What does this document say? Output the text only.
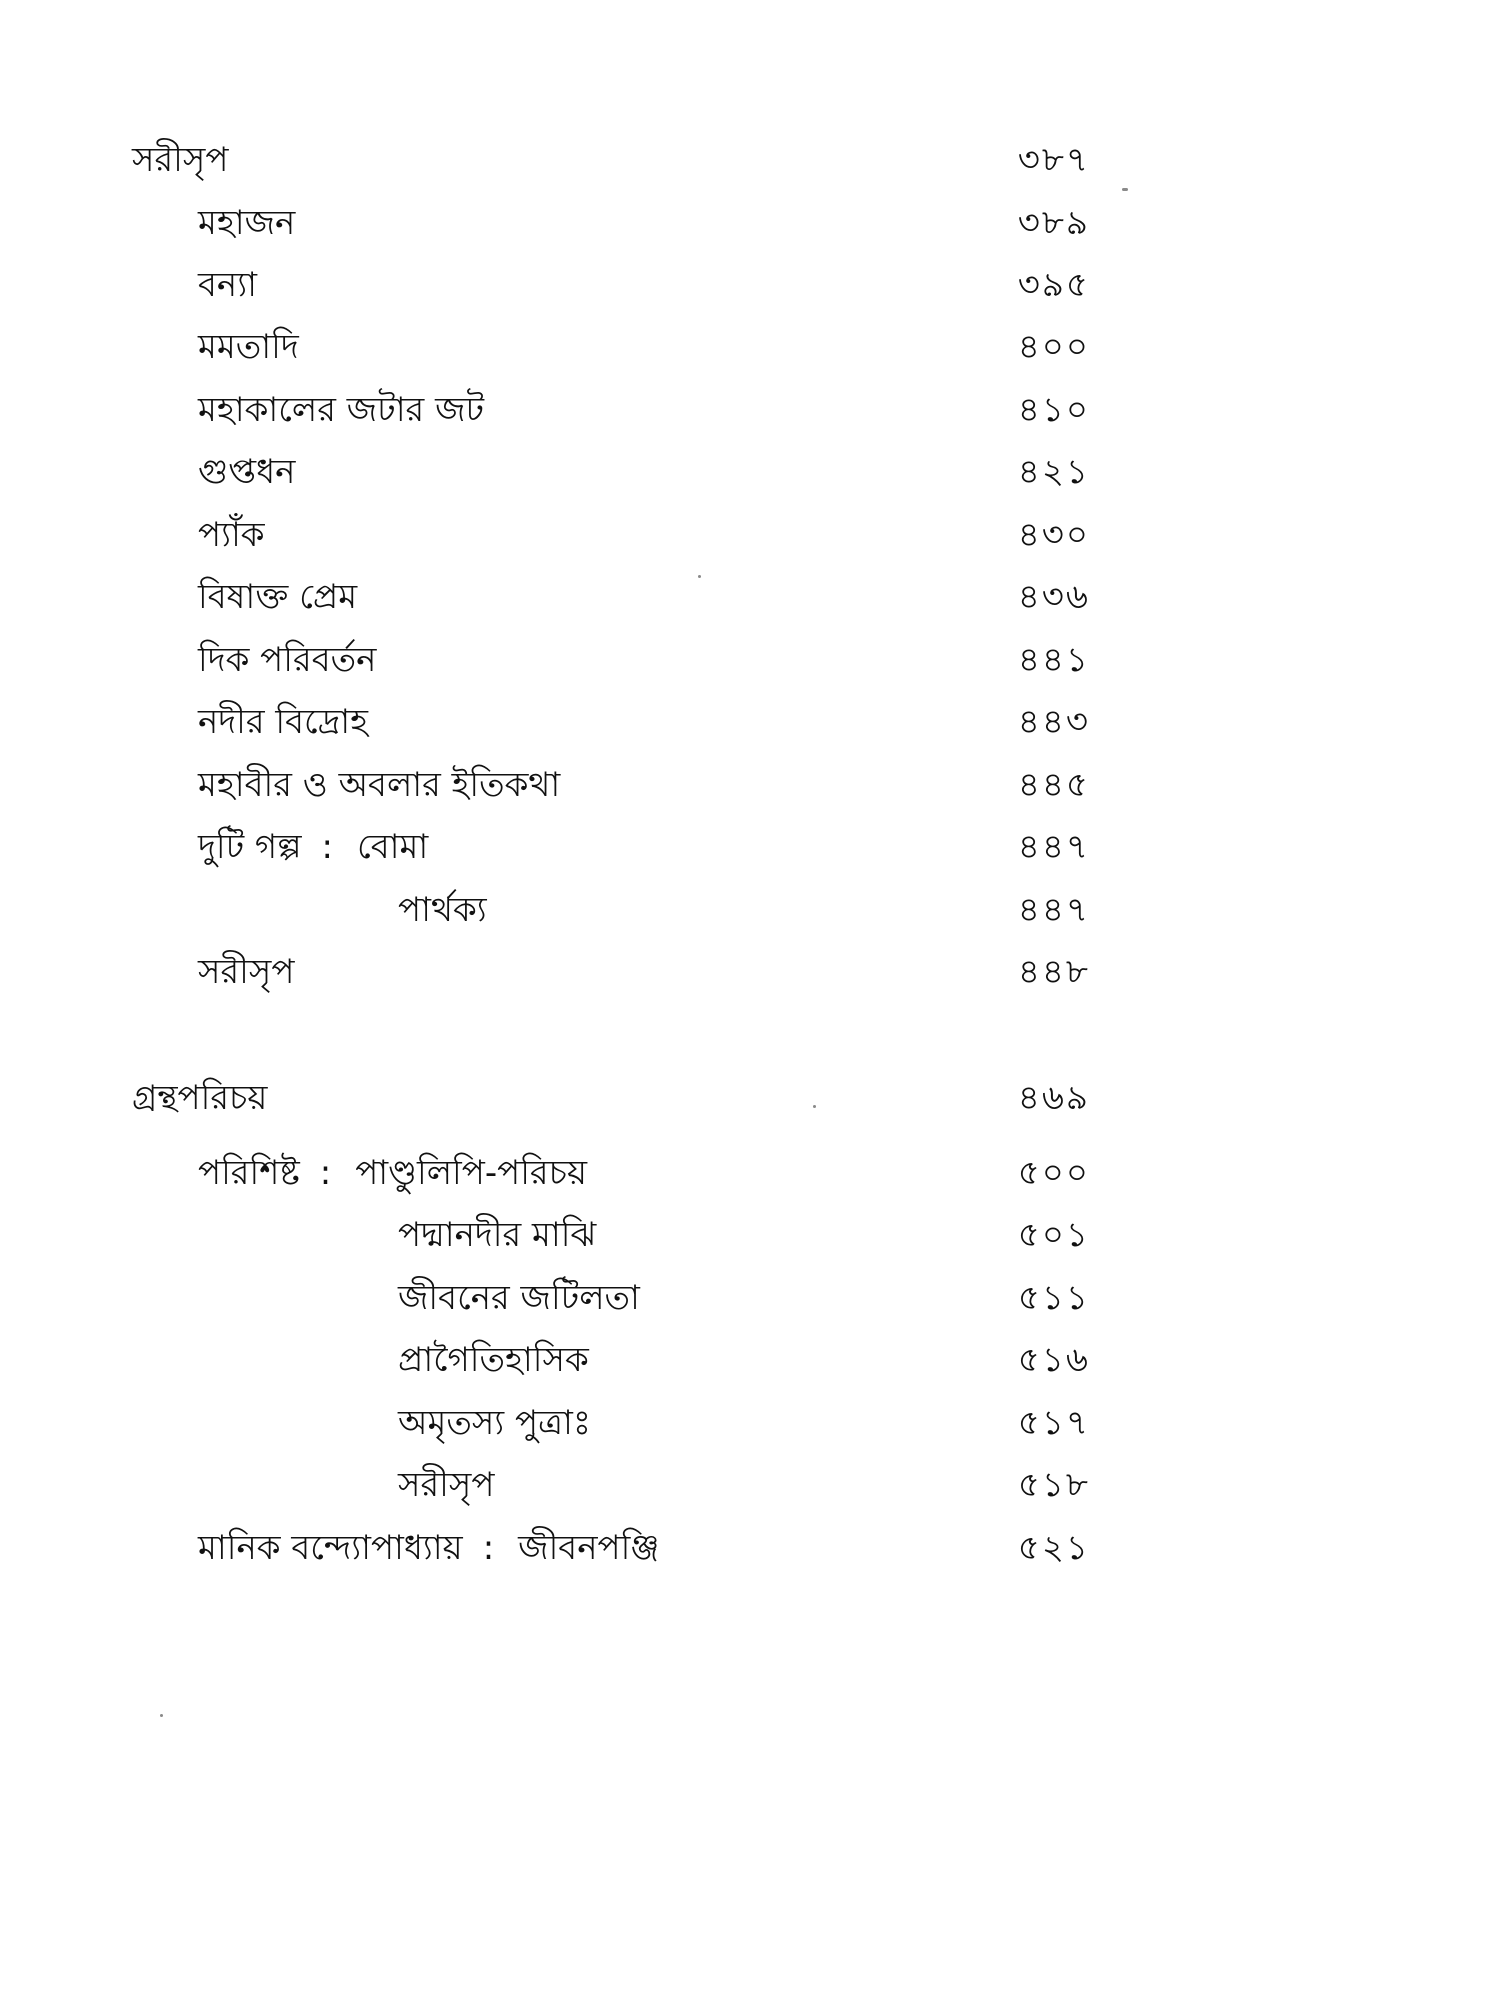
সরীসৃপ	৩৮৭
মহাজন	৩৮৯
বন্যা	৩৯৫
মমতাদি	৪০০
মহাকালের জটার জট	৪১০
গুপ্তধন	৪২১
প্যাঁক	৪৩০
বিষাক্ত প্রেম	৪৩৬
দিক পরিবর্তন	৪৪১
নদীর বিদ্রোহ	৪৪৩
মহাবীর ও অবলার ইতিকথা	৪৪৫
দুটি গল্প : বোমা	৪৪৭
পার্থক্য	৪৪৭
সরীসৃপ	৪৪৮
গ্রন্থপরিচয়	৪৬৯
পরিশিষ্ট : পাণ্ডুলিপি-পরিচয়	৫০০
পদ্মানদীর মাঝি	৫০১
জীবনের জটিলতা	৫১১
প্রাগৈতিহাসিক	৫১৬
অমৃতস্য পুত্রাঃ	৫১৭
সরীসৃপ	৫১৮
মানিক বন্দ্যোপাধ্যায় : জীবনপঞ্জি	৫২১
